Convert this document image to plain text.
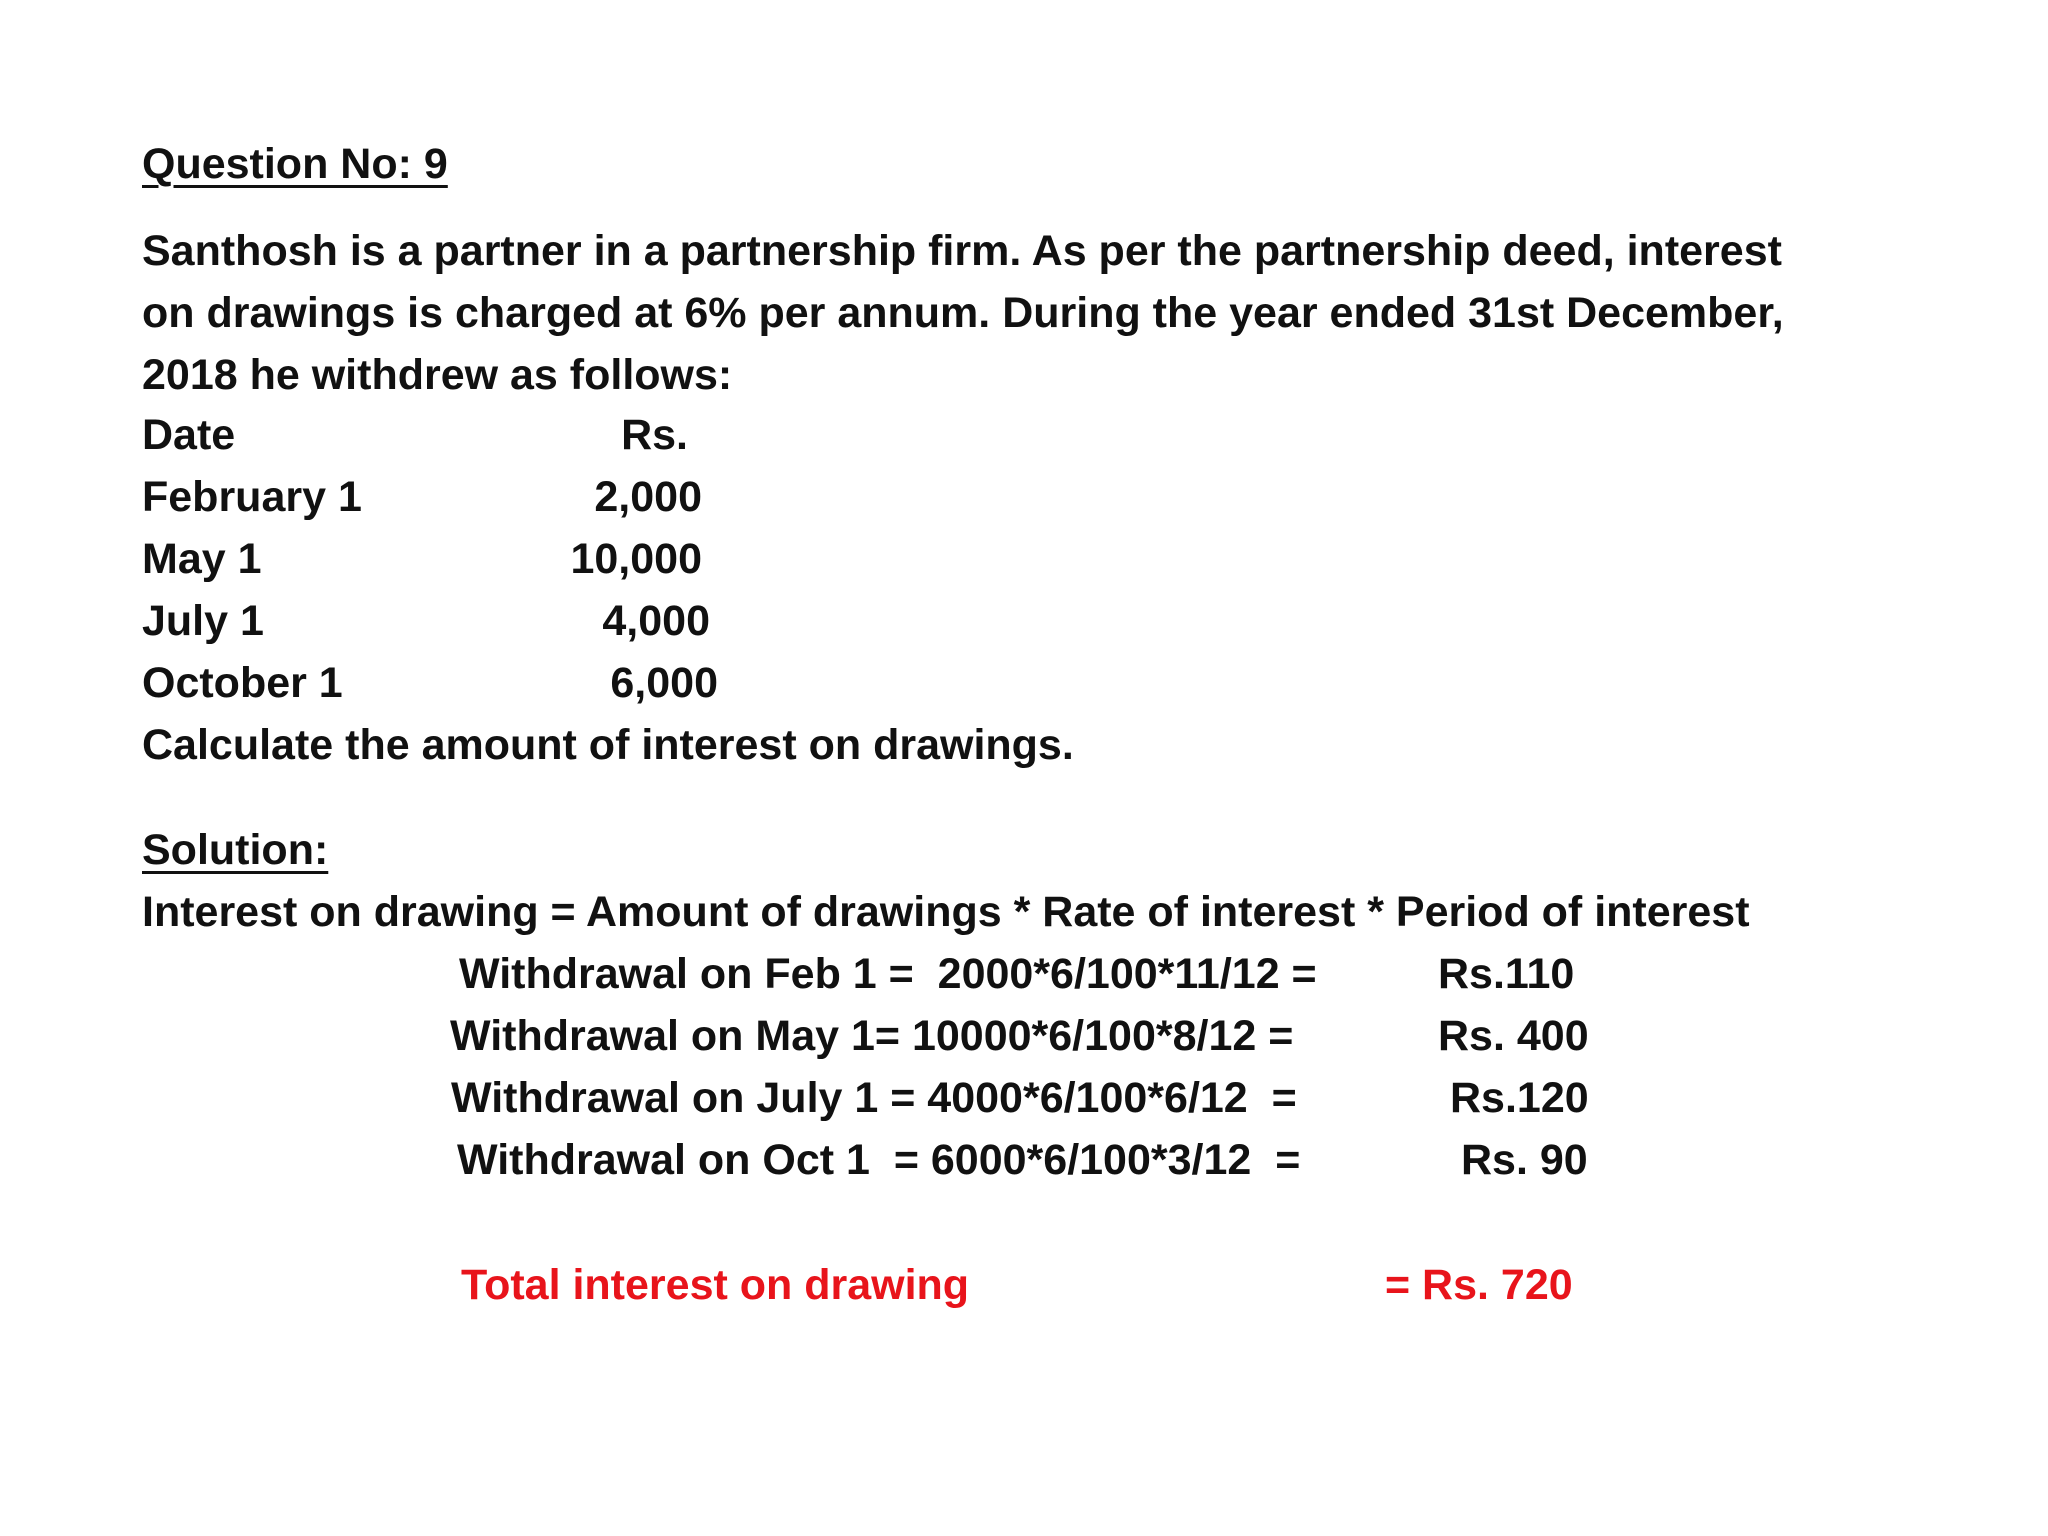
Question No: 9
Santhosh is a partner in a partnership firm. As per the partnership deed, interest
on drawings is charged at 6% per annum. During the year ended 31st December,
2018 he withdrew as follows:
Date	Rs.
February 1	2,000
May 1	10,000
July 1	4,000
October 1	6,000
Calculate the amount of interest on drawings.
Solution:
Interest on drawing = Amount of drawings * Rate of interest * Period of interest
Withdrawal on Feb 1 =  2000*6/100*11/12 =	Rs.110
Withdrawal on May 1= 10000*6/100*8/12 =	Rs. 400
Withdrawal on July 1 = 4000*6/100*6/12  =	Rs.120
Withdrawal on Oct 1  = 6000*6/100*3/12  =	Rs. 90
Total interest on drawing	= Rs. 720
